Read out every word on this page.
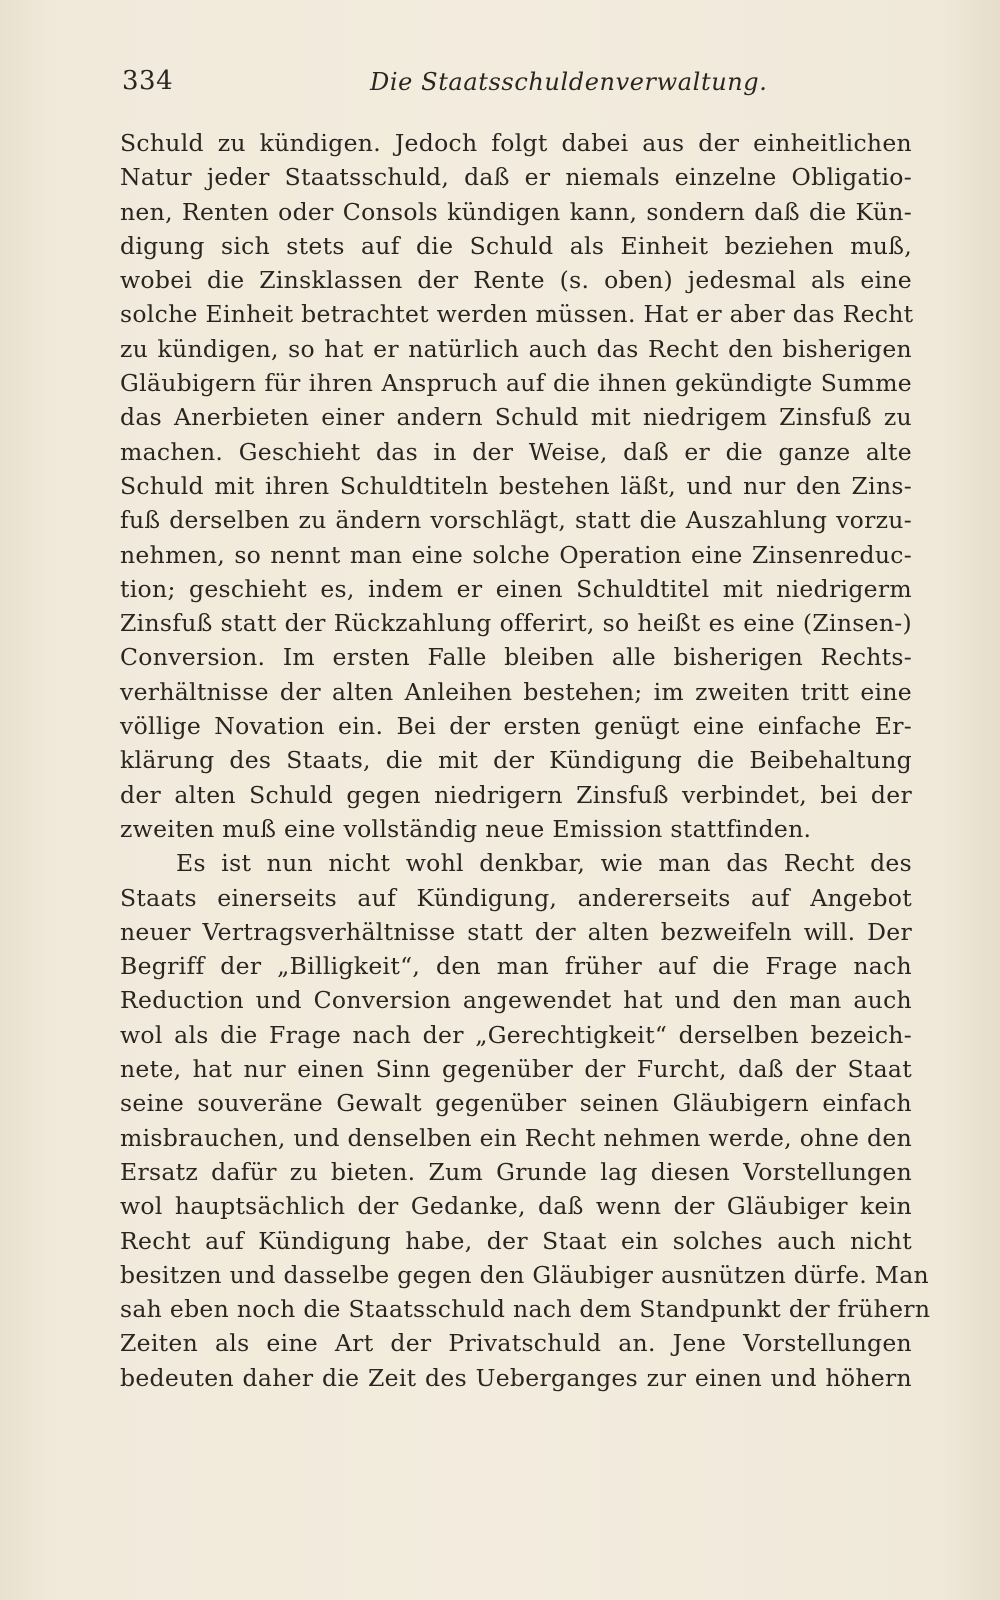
334	Die Staatsschuldenverwaltung.
Schuld zu kündigen. Jedoch folgt dabei aus der einheitlichen
Natur jeder Staatsschuld, daß er niemals einzelne Obligatio-
nen, Renten oder Consols kündigen kann, sondern daß die Kün-
digung sich stets auf die Schuld als Einheit beziehen muß,
wobei die Zinsklassen der Rente (s. oben) jedesmal als eine
solche Einheit betrachtet werden müssen. Hat er aber das Recht
zu kündigen, so hat er natürlich auch das Recht den bisherigen
Gläubigern für ihren Anspruch auf die ihnen gekündigte Summe
das Anerbieten einer andern Schuld mit niedrigem Zinsfuß zu
machen. Geschieht das in der Weise, daß er die ganze alte
Schuld mit ihren Schuldtiteln bestehen läßt, und nur den Zins-
fuß derselben zu ändern vorschlägt, statt die Auszahlung vorzu-
nehmen, so nennt man eine solche Operation eine Zinsenreduc-
tion; geschieht es, indem er einen Schuldtitel mit niedrigerm
Zinsfuß statt der Rückzahlung offerirt, so heißt es eine (Zinsen-)
Conversion. Im ersten Falle bleiben alle bisherigen Rechts-
verhältnisse der alten Anleihen bestehen; im zweiten tritt eine
völlige Novation ein. Bei der ersten genügt eine einfache Er-
klärung des Staats, die mit der Kündigung die Beibehaltung
der alten Schuld gegen niedrigern Zinsfuß verbindet, bei der
zweiten muß eine vollständig neue Emission stattfinden.
Es ist nun nicht wohl denkbar, wie man das Recht des
Staats einerseits auf Kündigung, andererseits auf Angebot
neuer Vertragsverhältnisse statt der alten bezweifeln will. Der
Begriff der „Billigkeit“, den man früher auf die Frage nach
Reduction und Conversion angewendet hat und den man auch
wol als die Frage nach der „Gerechtigkeit“ derselben bezeich-
nete, hat nur einen Sinn gegenüber der Furcht, daß der Staat
seine souveräne Gewalt gegenüber seinen Gläubigern einfach
misbrauchen, und denselben ein Recht nehmen werde, ohne den
Ersatz dafür zu bieten. Zum Grunde lag diesen Vorstellungen
wol hauptsächlich der Gedanke, daß wenn der Gläubiger kein
Recht auf Kündigung habe, der Staat ein solches auch nicht
besitzen und dasselbe gegen den Gläubiger ausnützen dürfe. Man
sah eben noch die Staatsschuld nach dem Standpunkt der frühern
Zeiten als eine Art der Privatschuld an. Jene Vorstellungen
bedeuten daher die Zeit des Ueberganges zur einen und höhern
